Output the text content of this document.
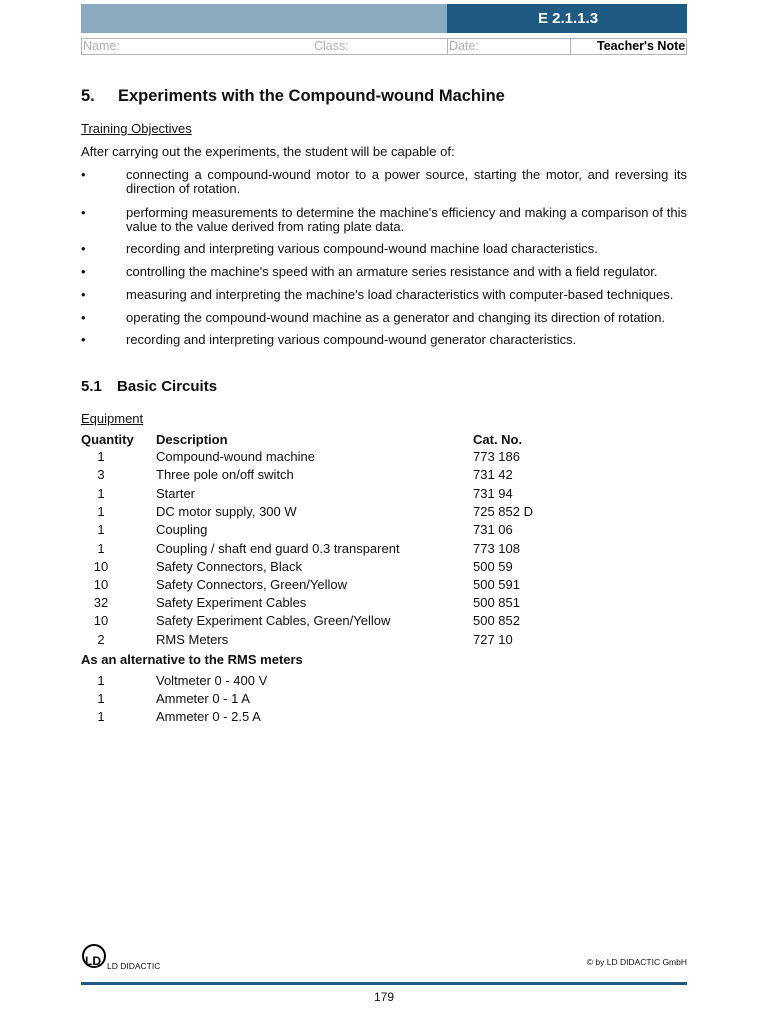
E 2.1.1.3
Name:	Class:	Date:	Teacher's Note
5. Experiments with the Compound-wound Machine
Training Objectives
After carrying out the experiments, the student will be capable of:
•	connecting a compound-wound motor to a power source, starting the motor, and reversing its direction of rotation.
•	performing measurements to determine the machine's efficiency and making a comparison of this value to the value derived from rating plate data.
•	recording and interpreting various compound-wound machine load characteristics.
•	controlling the machine's speed with an armature series resistance and with a field regulator.
•	measuring and interpreting the machine's load characteristics with computer-based techniques.
•	operating the compound-wound machine as a generator and changing its direction of rotation.
•	recording and interpreting various compound-wound generator characteristics.
5.1 Basic Circuits
Equipment
Quantity Description	Cat. No.
1	Compound-wound machine	773 186
3	Three pole on/off switch	731 42
1	Starter	731 94
1	DC motor supply, 300 W	725 852 D
1	Coupling	731 06
1	Coupling / shaft end guard 0.3 transparent	773 108
10	Safety Connectors, Black	500 59
10	Safety Connectors, Green/Yellow	500 591
32	Safety Experiment Cables	500 851
10	Safety Experiment Cables, Green/Yellow	500 852
2	RMS Meters	727 10
As an alternative to the RMS meters
1	Voltmeter 0 - 400 V
1	Ammeter 0 - 1 A
1	Ammeter 0 - 2.5 A
LD LD DIDACTIC	© by LD DIDACTIC GmbH
179
